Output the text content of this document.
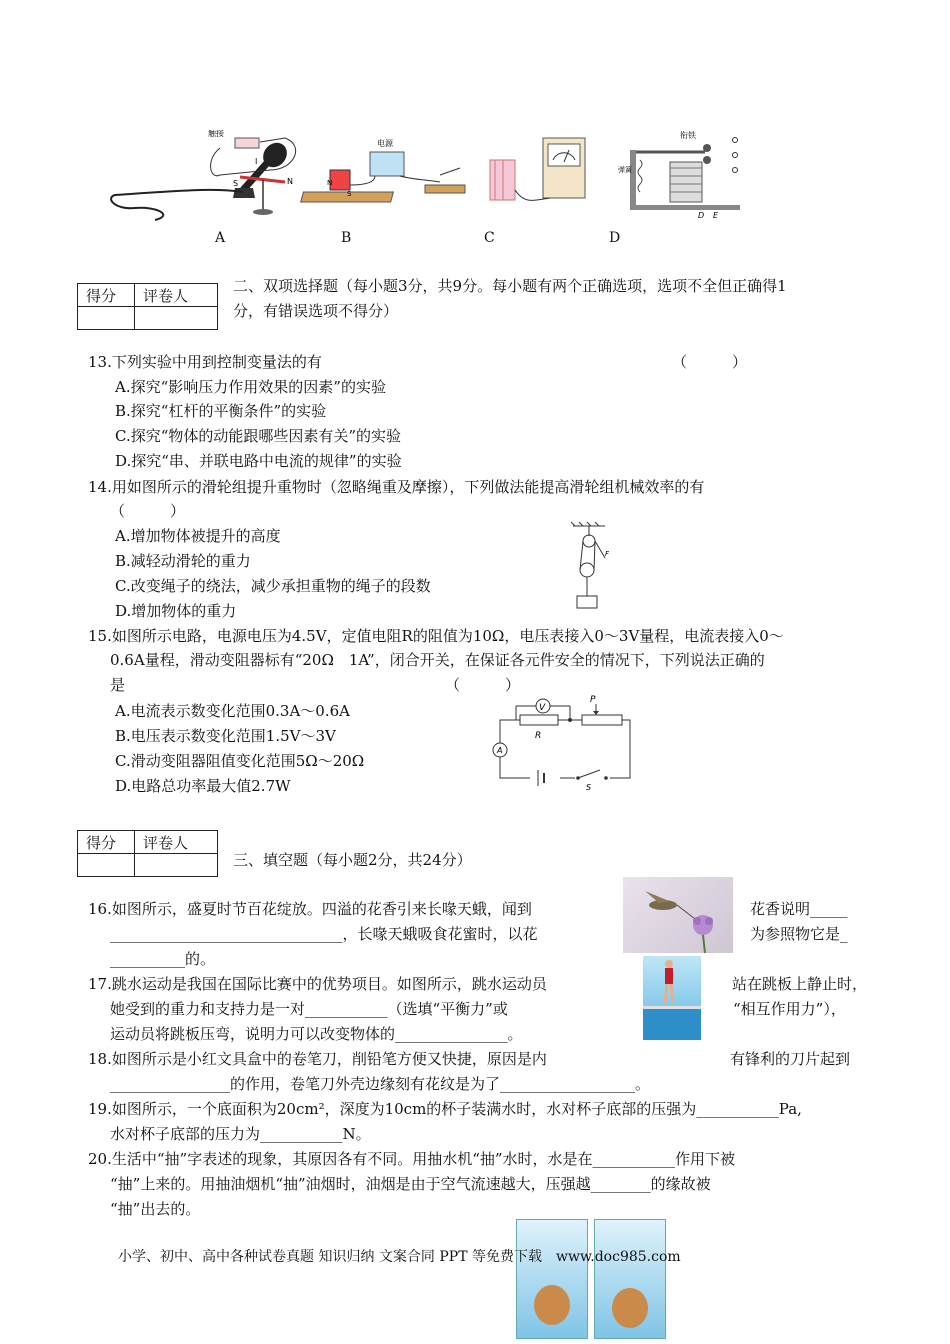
触接
I
S	N
电源
N
S
衔铁
弹簧
D E
A	B	C	D
得分	评卷人

二、双项选择题（每小题3分，共9分。每小题有两个正确选项，选项不全但正确得1
分，有错误选项不得分）
13.下列实验中用到控制变量法的有	（　　　）
A.探究“影响压力作用效果的因素”的实验
B.探究“杠杆的平衡条件”的实验
C.探究“物体的动能跟哪些因素有关”的实验
D.探究“串、并联电路中电流的规律”的实验
14.用如图所示的滑轮组提升重物时（忽略绳重及摩擦），下列做法能提高滑轮组机械效率的有
（　　　）
A.增加物体被提升的高度
B.减轻动滑轮的重力
C.改变绳子的绕法，减少承担重物的绳子的段数
D.增加物体的重力
F
15.如图所示电路，电源电压为4.5V，定值电阻R的阻值为10Ω，电压表接入0～3V量程，电流表接入0～
0.6A量程，滑动变阻器标有“20Ω　1A”，闭合开关，在保证各元件安全的情况下，下列说法正确的
是	（　　　）
A.电流表示数变化范围0.3A～0.6A
B.电压表示数变化范围1.5V～3V
C.滑动变阻器阻值变化范围5Ω～20Ω
D.电路总功率最大值2.7W
V
R
P
A
S
得分	评卷人

三、填空题（每小题2分，共24分）
16.如图所示，盛夏时节百花绽放。四溢的花香引来长喙天蛾，闻到	花香说明_____
_______________________________，长喙天蛾吸食花蜜时，以花	为参照物它是_
__________的。
17.跳水运动是我国在国际比赛中的优势项目。如图所示，跳水运动员	站在跳板上静止时，
她受到的重力和支持力是一对___________（选填“平衡力”或	“相互作用力”），
运动员将跳板压弯，说明力可以改变物体的_______________。
18.如图所示是小红文具盒中的卷笔刀，削铅笔方便又快捷，原因是内	有锋利的刀片起到
________________的作用，卷笔刀外壳边缘刻有花纹是为了__________________。
19.如图所示，一个底面积为20cm²，深度为10cm的杯子装满水时，水对杯子底部的压强为___________Pa,
水对杯子底部的压力为___________N。
20.生活中“抽”字表述的现象，其原因各有不同。用抽水机“抽”水时，水是在___________作用下被
“抽”上来的。用抽油烟机“抽”油烟时，油烟是由于空气流速越大，压强越________的缘故被
“抽”出去的。
小学、初中、高中各种试卷真题 知识归纳 文案合同 PPT 等免费下载　www.doc985.com
